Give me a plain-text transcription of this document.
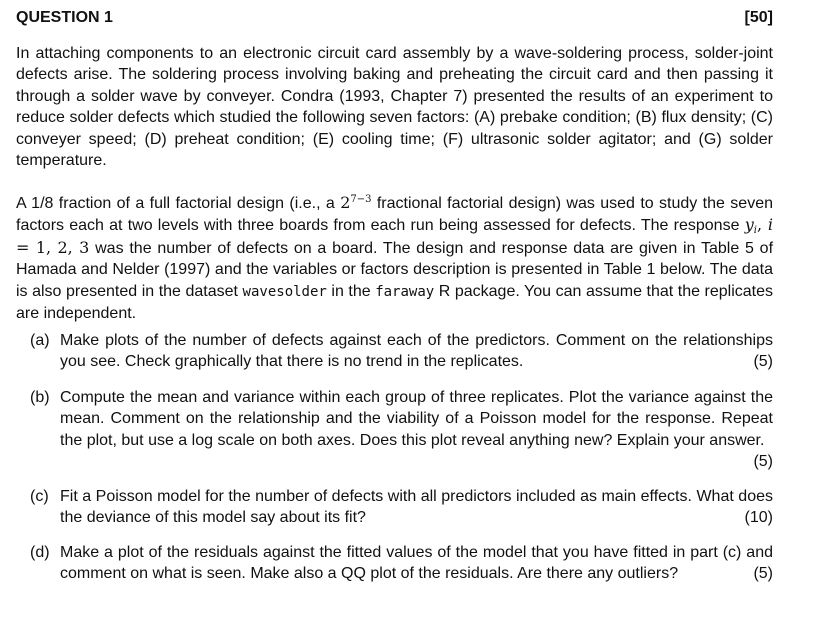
QUESTION 1	[50]

In attaching components to an electronic circuit card assembly by a wave-soldering process, solder-joint defects arise. The soldering process involving baking and preheating the circuit card and then passing it through a solder wave by conveyer. Condra (1993, Chapter 7) presented the results of an experiment to reduce solder defects which studied the following seven factors: (A) prebake condition; (B) flux density; (C) conveyer speed; (D) preheat condition; (E) cooling time; (F) ultrasonic solder agitator; and (G) solder temperature.

A 1/8 fraction of a full factorial design (i.e., a $2^{7-3}$ fractional factorial design) was used to study the seven factors each at two levels with three boards from each run being assessed for defects. The response $y_i$, i = 1, 2, 3 was the number of defects on a board. The design and response data are given in Table 5 of Hamada and Nelder (1997) and the variables or factors description is presented in Table 1 below. The data is also presented in the dataset wavesolder in the faraway R package. You can assume that the replicates are independent.

(a) Make plots of the number of defects against each of the predictors. Comment on the relationships you see. Check graphically that there is no trend in the replicates.	(5)
(b) Compute the mean and variance within each group of three replicates. Plot the variance against the mean. Comment on the relationship and the viability of a Poisson model for the response. Repeat the plot, but use a log scale on both axes. Does this plot reveal anything new? Explain your answer.
(5)
(c) Fit a Poisson model for the number of defects with all predictors included as main effects. What does the deviance of this model say about its fit?	(10)
(d) Make a plot of the residuals against the fitted values of the model that you have fitted in part (c) and comment on what is seen. Make also a QQ plot of the residuals. Are there any outliers?	(5)
